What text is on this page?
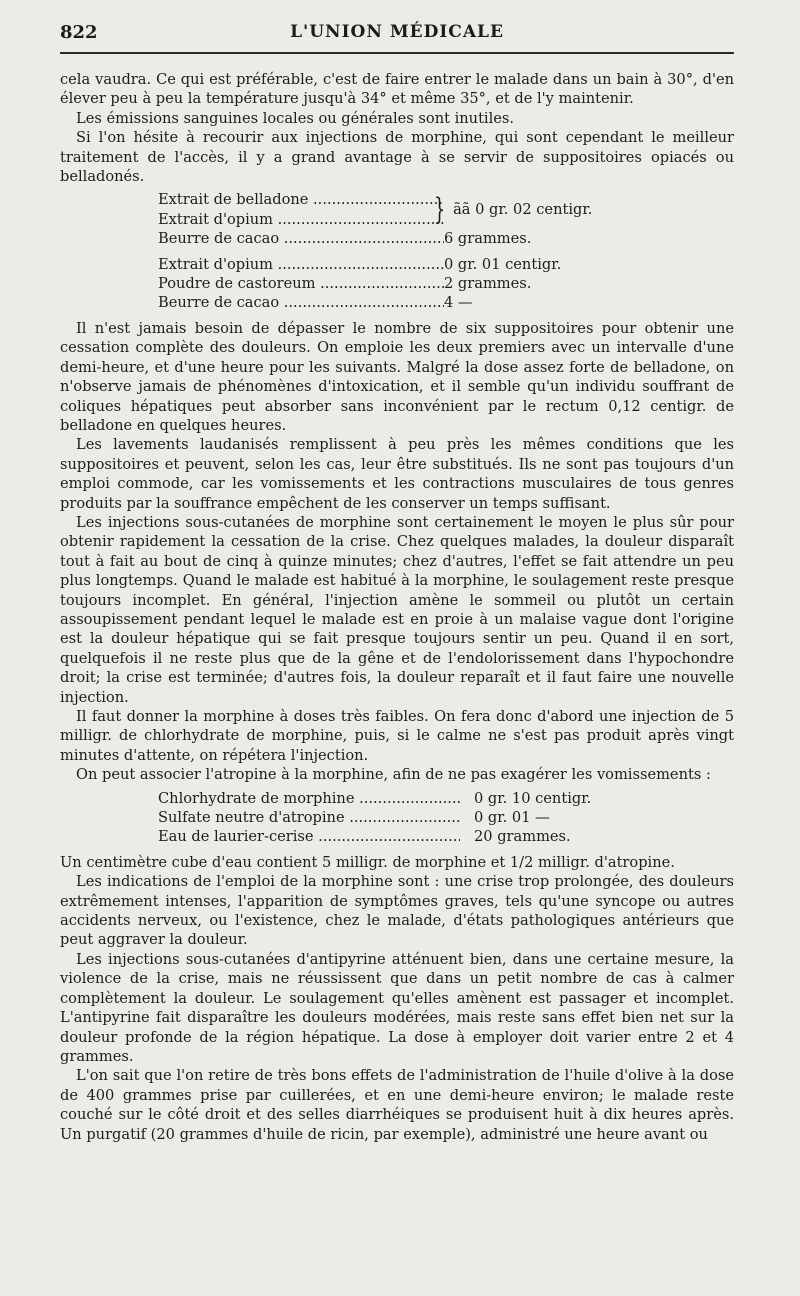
822	L'UNION MÉDICALE

cela vaudra. Ce qui est préférable, c'est de faire entrer le malade dans un bain à 30°, d'en élever peu à peu la température jusqu'à 34° et même 35°, et de l'y maintenir.

Les émissions sanguines locales ou générales sont inutiles.

Si l'on hésite à recourir aux injections de morphine, qui sont cependant le meilleur traitement de l'accès, il y a grand avantage à se servir de suppositoires opiacés ou belladonés.

Extrait de belladone .....
Extrait d'opium .....	} ãã 0 gr. 02 centigr.
Beurre de cacao .....	6 grammes.
Extrait d'opium .....	0 gr. 01 centigr.
Poudre de castoreum .....	2 grammes.
Beurre de cacao .....	4 —

Il n'est jamais besoin de dépasser le nombre de six suppositoires pour obtenir une cessation complète des douleurs. On emploie les deux premiers avec un intervalle d'une demi-heure, et d'une heure pour les suivants. Malgré la dose assez forte de belladone, on n'observe jamais de phénomènes d'intoxication, et il semble qu'un individu souffrant de coliques hépatiques peut absorber sans inconvénient par le rectum 0,12 centigr. de belladone en quelques heures.

Les lavements laudanisés remplissent à peu près les mêmes conditions que les suppositoires et peuvent, selon les cas, leur être substitués. Ils ne sont pas toujours d'un emploi commode, car les vomissements et les contractions musculaires de tous genres produits par la souffrance empêchent de les conserver un temps suffisant.

Les injections sous-cutanées de morphine sont certainement le moyen le plus sûr pour obtenir rapidement la cessation de la crise. Chez quelques malades, la douleur disparaît tout à fait au bout de cinq à quinze minutes; chez d'autres, l'effet se fait attendre un peu plus longtemps. Quand le malade est habitué à la morphine, le soulagement reste presque toujours incomplet. En général, l'injection amène le sommeil ou plutôt un certain assoupissement pendant lequel le malade est en proie à un malaise vague dont l'origine est la douleur hépatique qui se fait presque toujours sentir un peu. Quand il en sort, quelquefois il ne reste plus que de la gêne et de l'endolorissement dans l'hypochondre droit; la crise est terminée; d'autres fois, la douleur reparaît et il faut faire une nouvelle injection.

Il faut donner la morphine à doses très faibles. On fera donc d'abord une injection de 5 milligr. de chlorhydrate de morphine, puis, si le calme ne s'est pas produit après vingt minutes d'attente, on répétera l'injection.

On peut associer l'atropine à la morphine, afin de ne pas exagérer les vomissements :

Chlorhydrate de morphine .....	0 gr. 10 centigr.
Sulfate neutre d'atropine .....	0 gr. 01 —
Eau de laurier-cerise .....	20 grammes.

Un centimètre cube d'eau contient 5 milligr. de morphine et 1/2 milligr. d'atropine.

Les indications de l'emploi de la morphine sont : une crise trop prolongée, des douleurs extrêmement intenses, l'apparition de symptômes graves, tels qu'une syncope ou autres accidents nerveux, ou l'existence, chez le malade, d'états pathologiques antérieurs que peut aggraver la douleur.

Les injections sous-cutanées d'antipyrine atténuent bien, dans une certaine mesure, la violence de la crise, mais ne réussissent que dans un petit nombre de cas à calmer complètement la douleur. Le soulagement qu'elles amènent est passager et incomplet. L'antipyrine fait disparaître les douleurs modérées, mais reste sans effet bien net sur la douleur profonde de la région hépatique. La dose à employer doit varier entre 2 et 4 grammes.

L'on sait que l'on retire de très bons effets de l'administration de l'huile d'olive à la dose de 400 grammes prise par cuillerées, et en une demi-heure environ; le malade reste couché sur le côté droit et des selles diarrhéiques se produisent huit à dix heures après. Un purgatif (20 grammes d'huile de ricin, par exemple), administré une heure avant ou
